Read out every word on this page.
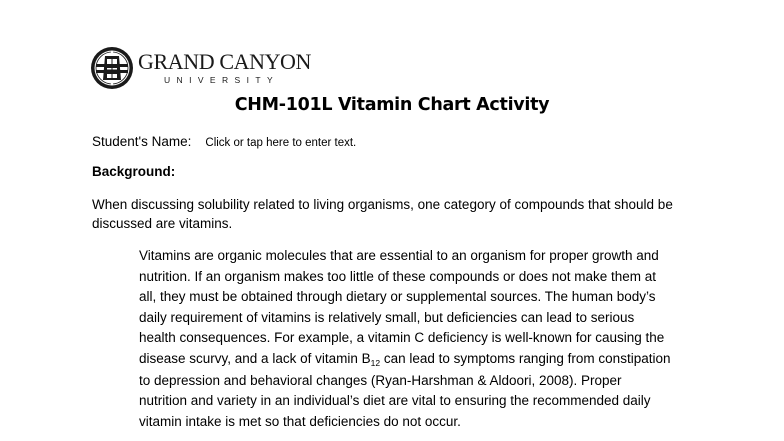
GRAND CANYON
UNIVERSITY
CHM-101L Vitamin Chart Activity
Student's Name: Click or tap here to enter text.
Background:

When discussing solubility related to living organisms, one category of compounds that should be discussed are vitamins.

Vitamins are organic molecules that are essential to an organism for proper growth and
nutrition. If an organism makes too little of these compounds or does not make them at
all, they must be obtained through dietary or supplemental sources. The human body’s
daily requirement of vitamins is relatively small, but deficiencies can lead to serious
health consequences. For example, a vitamin C deficiency is well-known for causing the
disease scurvy, and a lack of vitamin $B_{12}$ can lead to symptoms ranging from constipation
to depression and behavioral changes (Ryan-Harshman & Aldoori, 2008). Proper
nutrition and variety in an individual’s diet are vital to ensuring the recommended daily
vitamin intake is met so that deficiencies do not occur.
